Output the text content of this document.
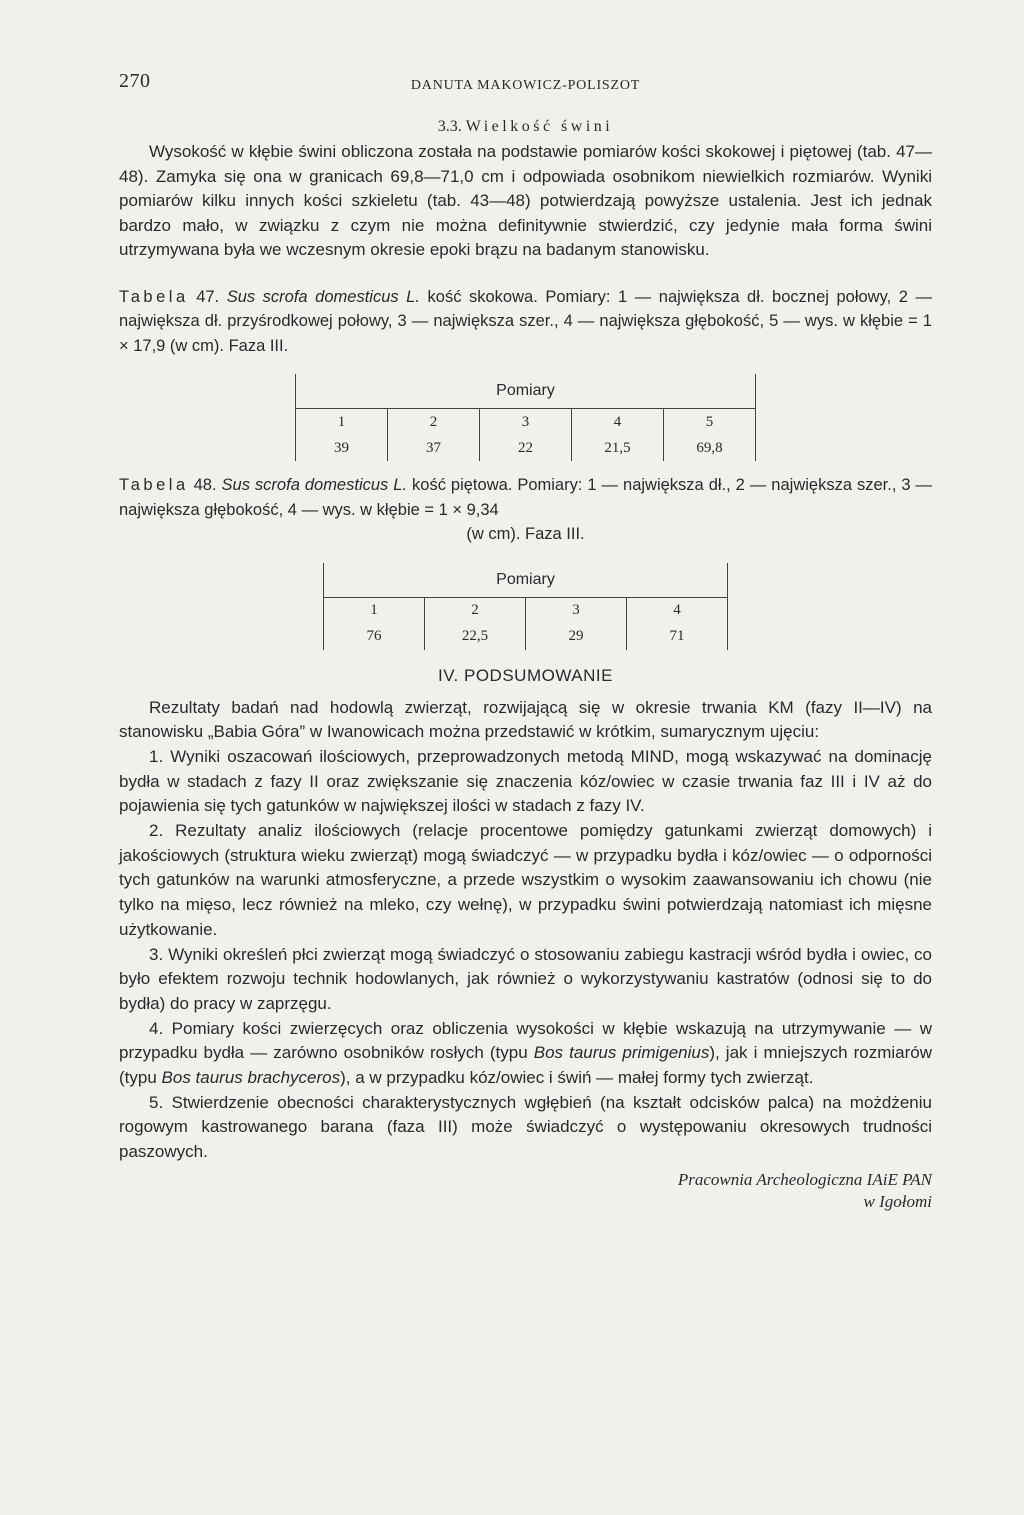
270	DANUTA MAKOWICZ-POLISZOT
3.3. Wielkość świni

Wysokość w kłębie świni obliczona została na podstawie pomiarów kości skokowej i piętowej (tab. 47—48). Zamyka się ona w granicach 69,8—71,0 cm i odpowiada osobnikom niewielkich rozmiarów. Wyniki pomiarów kilku innych kości szkieletu (tab. 43—48) potwierdzają powyższe ustalenia. Jest ich jednak bardzo mało, w związku z czym nie można definitywnie stwierdzić, czy jedynie mała forma świni utrzymywana była we wczesnym okresie epoki brązu na badanym stanowisku.

Tabela 47. Sus scrofa domesticus L. kość skokowa. Pomiary: 1 — największa dł. bocznej połowy, 2 — największa dł. przyśrodkowej połowy, 3 — największa szer., 4 — największa głębokość, 5 — wys. w kłębie = 1 × 17,9 (w cm). Faza III.

Pomiary				
1	2	3	4	5
39	37	22	21,5	69,8

Tabela 48. Sus scrofa domesticus L. kość piętowa. Pomiary: 1 — największa dł., 2 — największa szer., 3 — największa głębokość, 4 — wys. w kłębie = 1 × 9,34
(w cm). Faza III.

Pomiary			
1	2	3	4
76	22,5	29	71
IV. PODSUMOWANIE

Rezultaty badań nad hodowlą zwierząt, rozwijającą się w okresie trwania KM (fazy II—IV) na stanowisku „Babia Góra” w Iwanowicach można przedstawić w krótkim, sumarycznym ujęciu:

1. Wyniki oszacowań ilościowych, przeprowadzonych metodą MIND, mogą wskazywać na dominację bydła w stadach z fazy II oraz zwiększanie się znaczenia kóz/owiec w czasie trwania faz III i IV aż do pojawienia się tych gatunków w największej ilości w stadach z fazy IV.

2. Rezultaty analiz ilościowych (relacje procentowe pomiędzy gatunkami zwierząt domowych) i jakościowych (struktura wieku zwierząt) mogą świadczyć — w przypadku bydła i kóz/owiec — o odporności tych gatunków na warunki atmosferyczne, a przede wszystkim o wysokim zaawansowaniu ich chowu (nie tylko na mięso, lecz również na mleko, czy wełnę), w przypadku świni potwierdzają natomiast ich mięsne użytkowanie.

3. Wyniki określeń płci zwierząt mogą świadczyć o stosowaniu zabiegu kastracji wśród bydła i owiec, co było efektem rozwoju technik hodowlanych, jak również o wykorzystywaniu kastratów (odnosi się to do bydła) do pracy w zaprzęgu.

4. Pomiary kości zwierzęcych oraz obliczenia wysokości w kłębie wskazują na utrzymywanie — w przypadku bydła — zarówno osobników rosłych (typu Bos taurus primigenius), jak i mniejszych rozmiarów (typu Bos taurus brachyceros), a w przypadku kóz/owiec i świń — małej formy tych zwierząt.

5. Stwierdzenie obecności charakterystycznych wgłębień (na kształt odcisków palca) na możdżeniu rogowym kastrowanego barana (faza III) może świadczyć o występowaniu okresowych trudności paszowych.

Pracownia Archeologiczna IAiE PAN
w Igołomi
